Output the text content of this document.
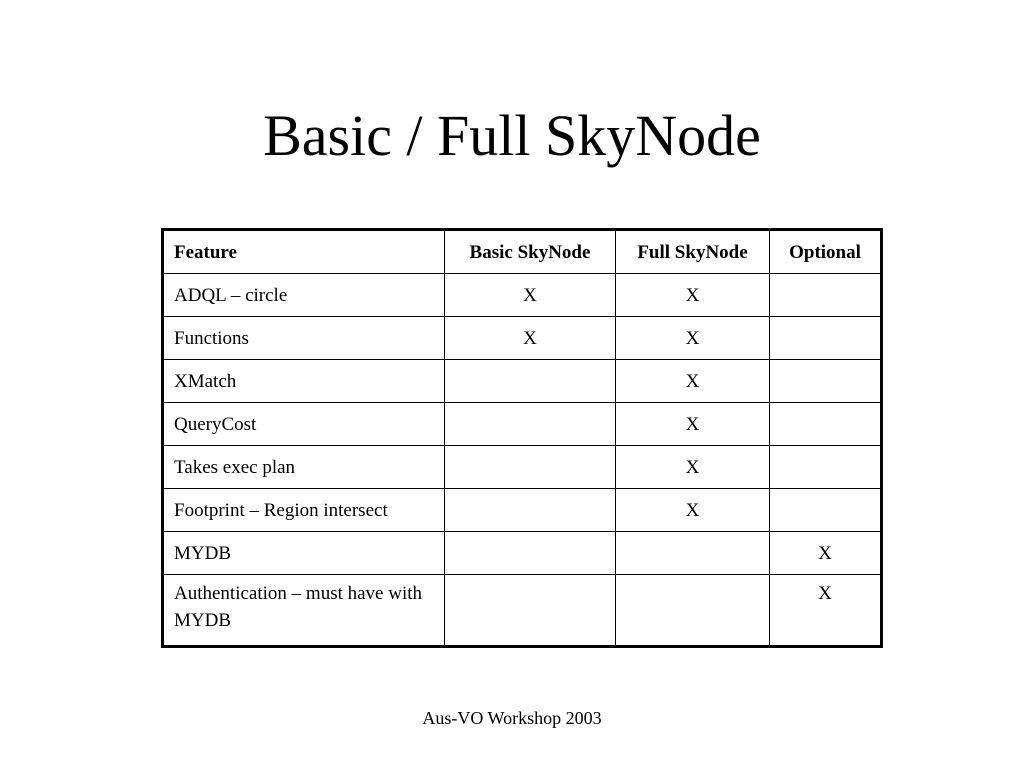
Basic / Full SkyNode
Feature	Basic SkyNode	Full SkyNode	Optional
ADQL – circle	X	X	
Functions	X	X	
XMatch		X	
QueryCost		X	
Takes exec plan		X	
Footprint – Region intersect		X	
MYDB			X
Authentication – must have with MYDB			X
Aus-VO Workshop 2003
